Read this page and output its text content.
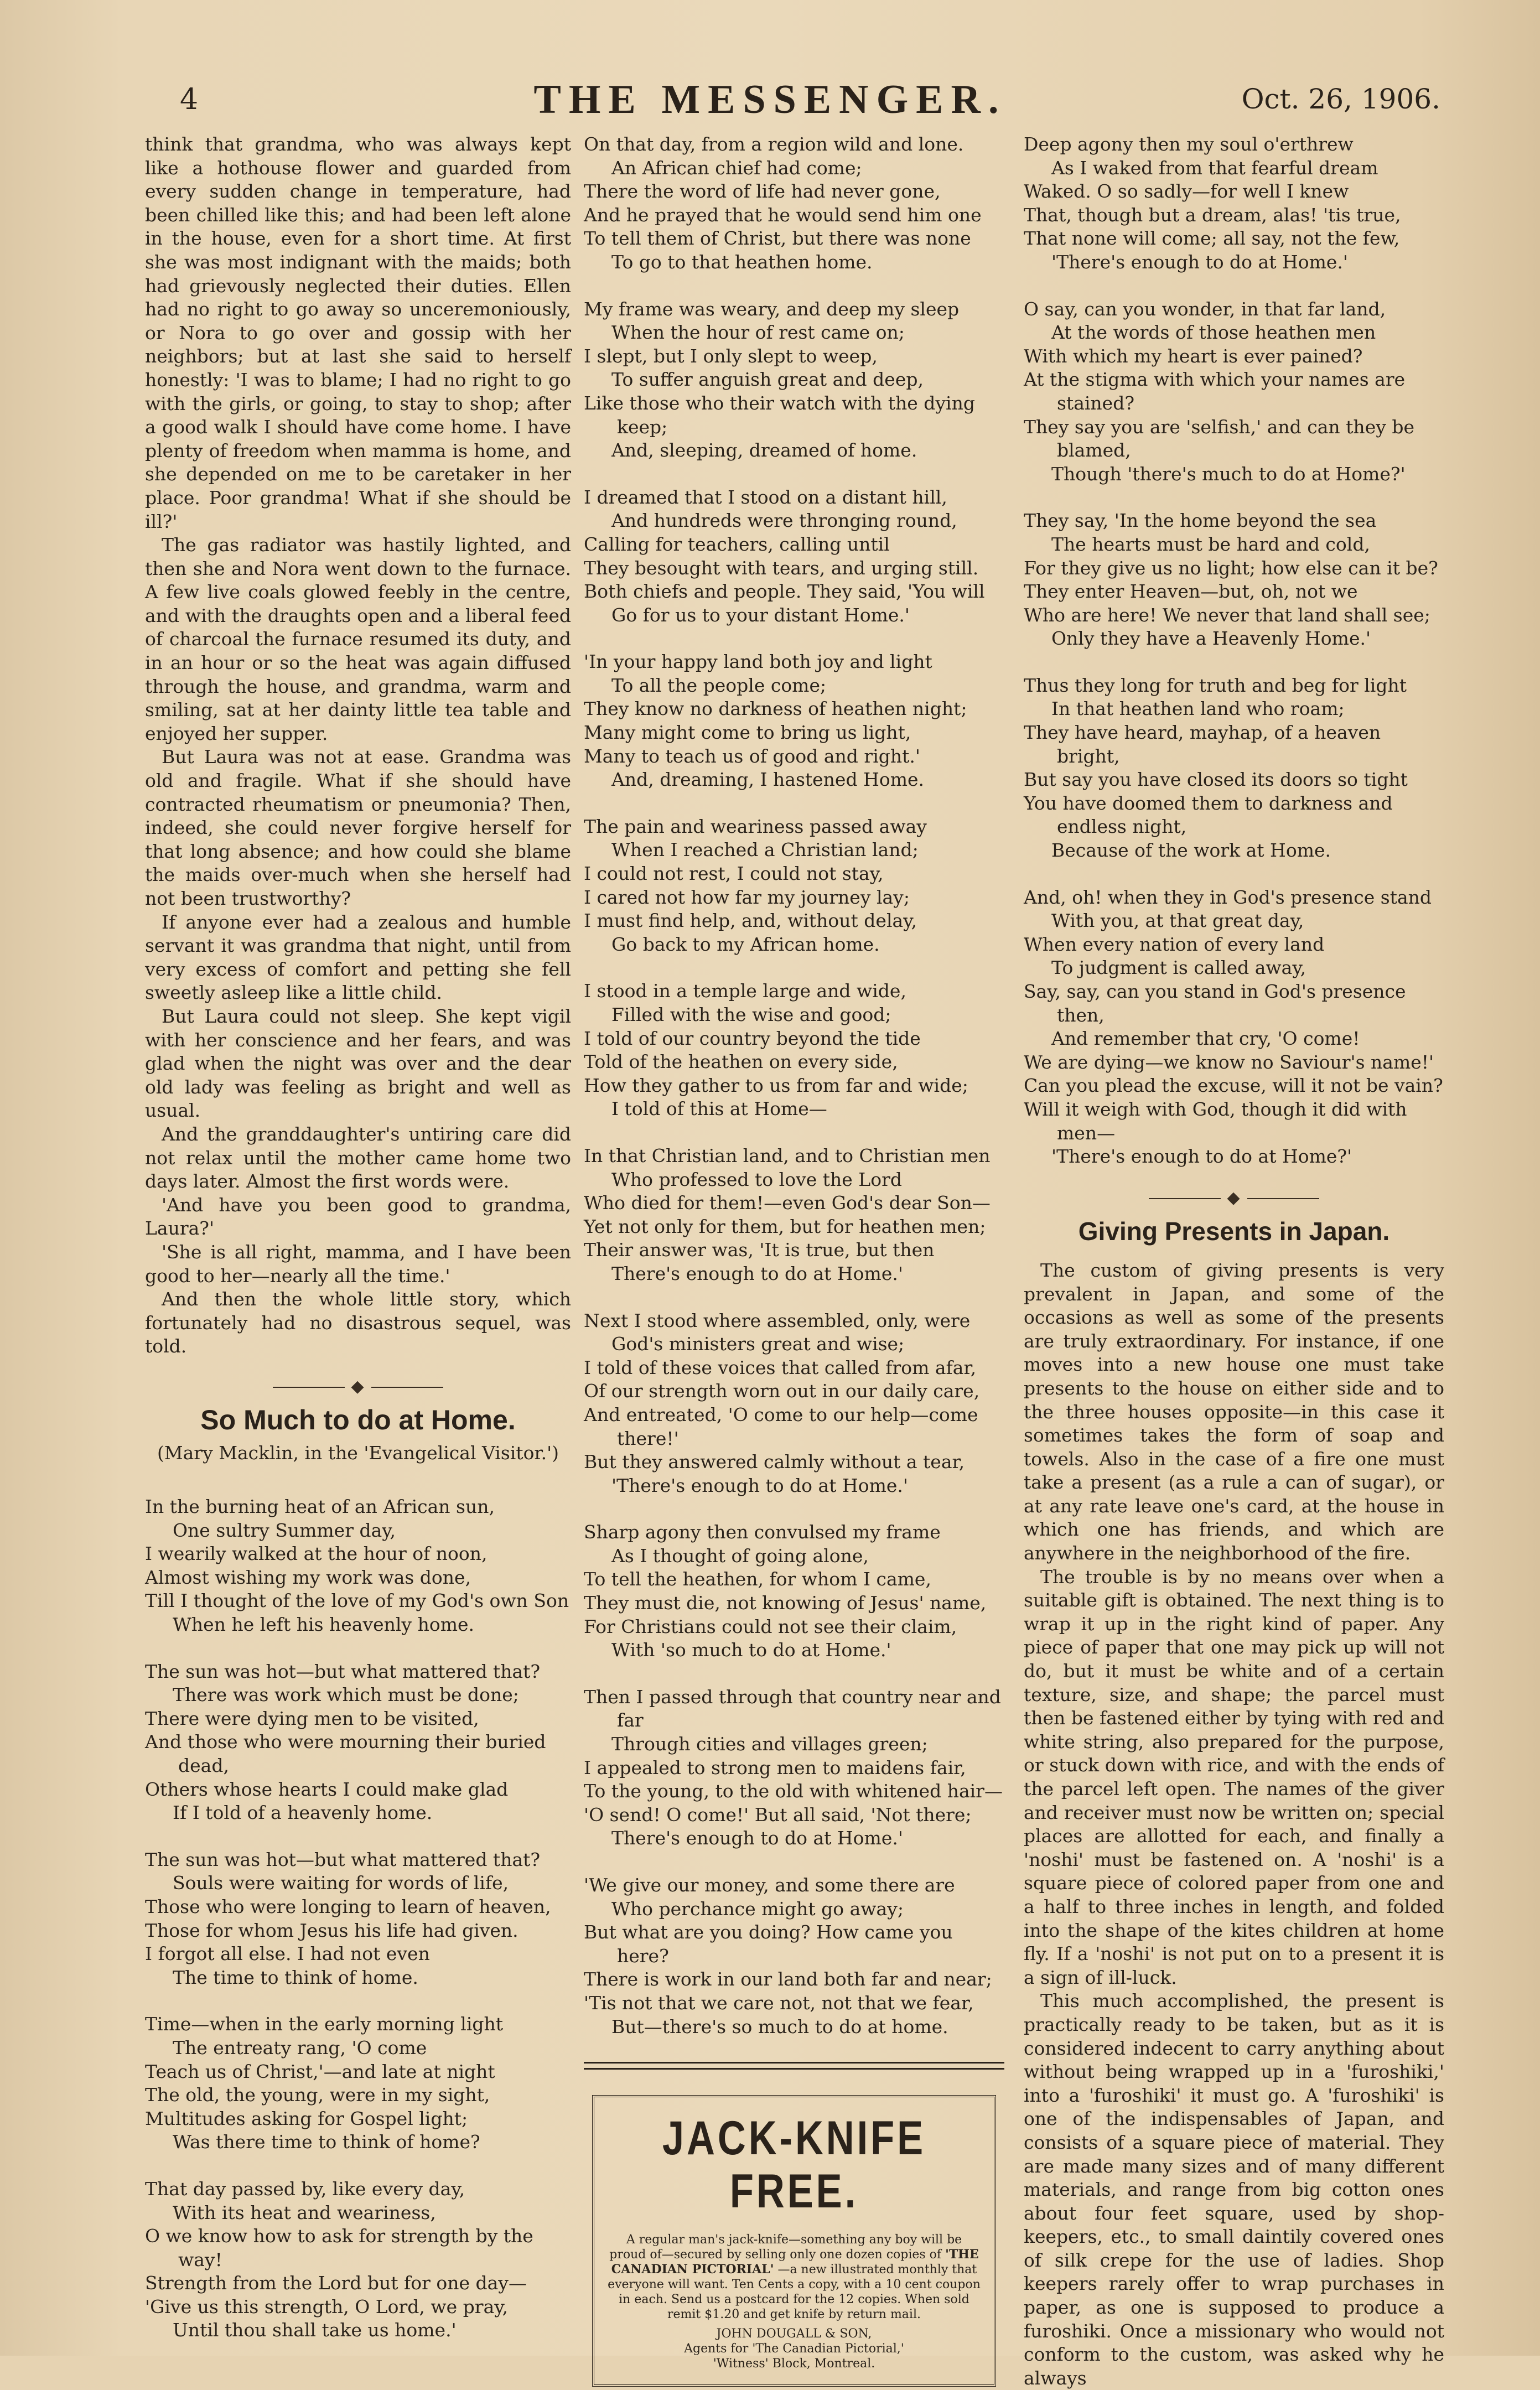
4	THE MESSENGER.	Oct. 26, 1906.

think that grandma, who was always kept like a hothouse flower and guarded from every sudden change in temperature, had been chilled like this; and had been left alone in the house, even for a short time. At first she was most indignant with the maids; both had grievously neglected their duties. Ellen had no right to go away so unceremoniously, or Nora to go over and gossip with her neighbors; but at last she said to herself honestly: 'I was to blame; I had no right to go with the girls, or going, to stay to shop; after a good walk I should have come home. I have plenty of freedom when mamma is home, and she depended on me to be caretaker in her place. Poor grandma! What if she should be ill?'

The gas radiator was hastily lighted, and then she and Nora went down to the furnace. A few live coals glowed feebly in the centre, and with the draughts open and a liberal feed of charcoal the furnace resumed its duty, and in an hour or so the heat was again diffused through the house, and grandma, warm and smiling, sat at her dainty little tea table and enjoyed her supper.

But Laura was not at ease. Grandma was old and fragile. What if she should have contracted rheumatism or pneumonia? Then, indeed, she could never forgive herself for that long absence; and how could she blame the maids over-much when she herself had not been trustworthy?

If anyone ever had a zealous and humble servant it was grandma that night, until from very excess of comfort and petting she fell sweetly asleep like a little child.

But Laura could not sleep. She kept vigil with her conscience and her fears, and was glad when the night was over and the dear old lady was feeling as bright and well as usual.

And the granddaughter's untiring care did not relax until the mother came home two days later. Almost the first words were.

'And have you been good to grandma, Laura?'

'She is all right, mamma, and I have been good to her—nearly all the time.'

And then the whole little story, which fortunately had no disastrous sequel, was told.

◆
So Much to do at Home.
(Mary Macklin, in the 'Evangelical Visitor.')
In the burning heat of an African sun,
One sultry Summer day,
I wearily walked at the hour of noon,
Almost wishing my work was done,
Till I thought of the love of my God's own Son
When he left his heavenly home.
The sun was hot—but what mattered that?
There was work which must be done;
There were dying men to be visited,
And those who were mourning their buried dead,
Others whose hearts I could make glad
If I told of a heavenly home.
The sun was hot—but what mattered that?
Souls were waiting for words of life,
Those who were longing to learn of heaven,
Those for whom Jesus his life had given.
I forgot all else. I had not even
The time to think of home.
Time—when in the early morning light
The entreaty rang, 'O come
Teach us of Christ,'—and late at night
The old, the young, were in my sight,
Multitudes asking for Gospel light;
Was there time to think of home?
That day passed by, like every day,
With its heat and weariness,
O we know how to ask for strength by the way!
Strength from the Lord but for one day—
'Give us this strength, O Lord, we pray,
Until thou shall take us home.'
On that day, from a region wild and lone.
An African chief had come;
There the word of life had never gone,
And he prayed that he would send him one
To tell them of Christ, but there was none
To go to that heathen home.
My frame was weary, and deep my sleep
When the hour of rest came on;
I slept, but I only slept to weep,
To suffer anguish great and deep,
Like those who their watch with the dying keep;
And, sleeping, dreamed of home.
I dreamed that I stood on a distant hill,
And hundreds were thronging round,
Calling for teachers, calling until
They besought with tears, and urging still.
Both chiefs and people. They said, 'You will
Go for us to your distant Home.'
'In your happy land both joy and light
To all the people come;
They know no darkness of heathen night;
Many might come to bring us light,
Many to teach us of good and right.'
And, dreaming, I hastened Home.
The pain and weariness passed away
When I reached a Christian land;
I could not rest, I could not stay,
I cared not how far my journey lay;
I must find help, and, without delay,
Go back to my African home.
I stood in a temple large and wide,
Filled with the wise and good;
I told of our country beyond the tide
Told of the heathen on every side,
How they gather to us from far and wide;
I told of this at Home—
In that Christian land, and to Christian men
Who professed to love the Lord
Who died for them!—even God's dear Son—
Yet not only for them, but for heathen men;
Their answer was, 'It is true, but then
There's enough to do at Home.'
Next I stood where assembled, only, were
God's ministers great and wise;
I told of these voices that called from afar,
Of our strength worn out in our daily care,
And entreated, 'O come to our help—come there!'
But they answered calmly without a tear,
'There's enough to do at Home.'
Sharp agony then convulsed my frame
As I thought of going alone,
To tell the heathen, for whom I came,
They must die, not knowing of Jesus' name,
For Christians could not see their claim,
With 'so much to do at Home.'
Then I passed through that country near and far
Through cities and villages green;
I appealed to strong men to maidens fair,
To the young, to the old with whitened hair—
'O send! O come!' But all said, 'Not there;
There's enough to do at Home.'
'We give our money, and some there are
Who perchance might go away;
But what are you doing? How came you here?
There is work in our land both far and near;
'Tis not that we care not, not that we fear,
But—there's so much to do at home.
JACK-KNIFE FREE.
A regular man's jack-knife—something any boy will be proud of—secured by selling only one dozen copies of 'THE CANADIAN PICTORIAL' —a new illustrated monthly that everyone will want. Ten Cents a copy, with a 10 cent coupon in each. Send us a postcard for the 12 copies. When sold remit $1.20 and get knife by return mail.
JOHN DOUGALL & SON,
Agents for 'The Canadian Pictorial,'
'Witness' Block, Montreal.
Deep agony then my soul o'erthrew
As I waked from that fearful dream
Waked. O so sadly—for well I knew
That, though but a dream, alas! 'tis true,
That none will come; all say, not the few,
'There's enough to do at Home.'
O say, can you wonder, in that far land,
At the words of those heathen men
With which my heart is ever pained?
At the stigma with which your names are stained?
They say you are 'selfish,' and can they be blamed,
Though 'there's much to do at Home?'
They say, 'In the home beyond the sea
The hearts must be hard and cold,
For they give us no light; how else can it be?
They enter Heaven—but, oh, not we
Who are here! We never that land shall see;
Only they have a Heavenly Home.'
Thus they long for truth and beg for light
In that heathen land who roam;
They have heard, mayhap, of a heaven bright,
But say you have closed its doors so tight
You have doomed them to darkness and endless night,
Because of the work at Home.
And, oh! when they in God's presence stand
With you, at that great day,
When every nation of every land
To judgment is called away,
Say, say, can you stand in God's presence then,
And remember that cry, 'O come!
We are dying—we know no Saviour's name!'
Can you plead the excuse, will it not be vain?
Will it weigh with God, though it did with men—
'There's enough to do at Home?'
◆
Giving Presents in Japan.

The custom of giving presents is very prevalent in Japan, and some of the occasions as well as some of the presents are truly extraordinary. For instance, if one moves into a new house one must take presents to the house on either side and to the three houses opposite—in this case it sometimes takes the form of soap and towels. Also in the case of a fire one must take a present (as a rule a can of sugar), or at any rate leave one's card, at the house in which one has friends, and which are anywhere in the neighborhood of the fire.

The trouble is by no means over when a suitable gift is obtained. The next thing is to wrap it up in the right kind of paper. Any piece of paper that one may pick up will not do, but it must be white and of a certain texture, size, and shape; the parcel must then be fastened either by tying with red and white string, also prepared for the purpose, or stuck down with rice, and with the ends of the parcel left open. The names of the giver and receiver must now be written on; special places are allotted for each, and finally a 'noshi' must be fastened on. A 'noshi' is a square piece of colored paper from one and a half to three inches in length, and folded into the shape of the kites children at home fly. If a 'noshi' is not put on to a present it is a sign of ill-luck.

This much accomplished, the present is practically ready to be taken, but as it is considered indecent to carry anything about without being wrapped up in a 'furoshiki,' into a 'furoshiki' it must go. A 'furoshiki' is one of the indispensables of Japan, and consists of a square piece of material. They are made many sizes and of many different materials, and range from big cotton ones about four feet square, used by shop-keepers, etc., to small daintily covered ones of silk crepe for the use of ladies. Shop keepers rarely offer to wrap purchases in paper, as one is supposed to produce a furoshiki. Once a missionary who would not conform to the custom, was asked why he always
